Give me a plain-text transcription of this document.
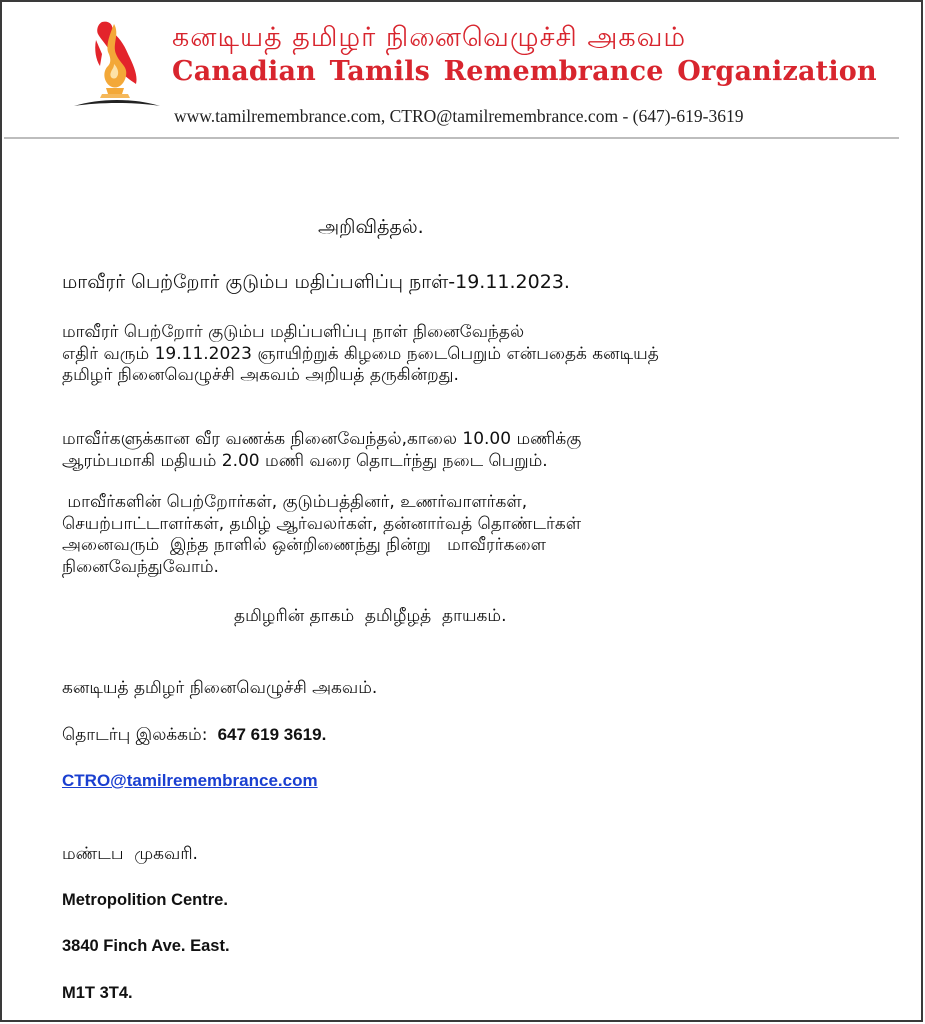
கனடியத் தமிழர் நினைவெழுச்சி அகவம்
Canadian Tamils Remembrance Organization
www.tamilremembrance.com, CTRO@tamilremembrance.com - (647)-619-3619
அறிவித்தல்.
மாவீரர் பெற்றோர் குடும்ப மதிப்பளிப்பு நாள்-19.11.2023.
மாவீரர் பெற்றோர் குடும்ப மதிப்பளிப்பு நாள் நினைவேந்தல்
எதிர் வரும் 19.11.2023 ஞாயிற்றுக் கிழமை நடைபெறும் என்பதைக் கனடியத்
தமிழர் நினைவெழுச்சி அகவம் அறியத் தருகின்றது.
மாவீர்களுக்கான வீர வணக்க நினைவேந்தல்,காலை 10.00 மணிக்கு
ஆரம்பமாகி மதியம் 2.00 மணி வரை தொடர்ந்து நடை பெறும்.
மாவீர்களின் பெற்றோர்கள், குடும்பத்தினர், உணர்வாளர்கள்,
செயற்பாட்டாளர்கள், தமிழ் ஆர்வலர்கள், தன்னார்வத் தொண்டர்கள்
அனைவரும்  இந்த நாளில் ஒன்றிணைந்து நின்று   மாவீரர்களை
நினைவேந்துவோம்.
தமிழரின் தாகம்  தமிழீழத்  தாயகம்.
கனடியத் தமிழர் நினைவெழுச்சி அகவம்.
தொடர்பு இலக்கம்:  647 619 3619.
CTRO@tamilremembrance.com
மண்டப  முகவரி.
Metropolition Centre.
3840 Finch Ave. East.
M1T 3T4.
